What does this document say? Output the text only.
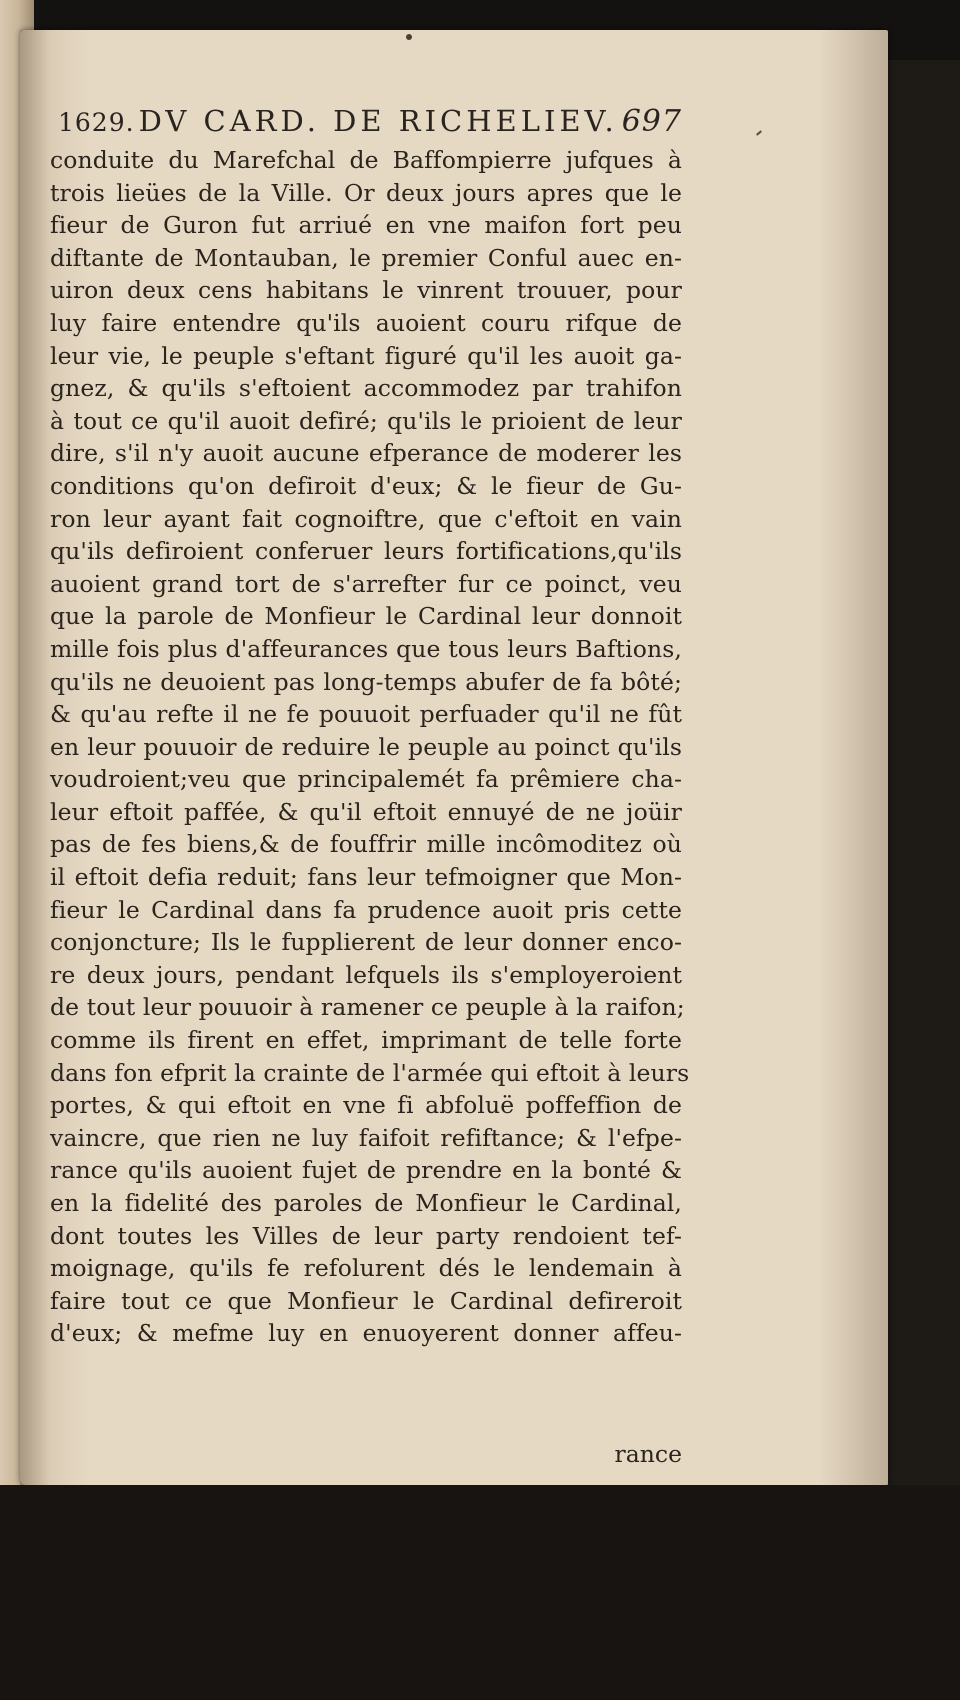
1629. DV CARD. DE RICHELIEV. 697
conduite du Marefchal de Baffompierre jufques à
trois lieües de la Ville. Or deux jours apres que le
fieur de Guron fut arriué en vne maifon fort peu
diftante de Montauban, le premier Conful auec en-
uiron deux cens habitans le vinrent trouuer, pour
luy faire entendre qu'ils auoient couru rifque de
leur vie, le peuple s'eftant figuré qu'il les auoit ga-
gnez, & qu'ils s'eftoient accommodez par trahifon
à tout ce qu'il auoit defiré; qu'ils le prioient de leur
dire, s'il n'y auoit aucune efperance de moderer les
conditions qu'on defiroit d'eux; & le fieur de Gu-
ron leur ayant fait cognoiftre, que c'eftoit en vain
qu'ils defiroient conferuer leurs fortifications,qu'ils
auoient grand tort de s'arrefter fur ce poinct, veu
que la parole de Monfieur le Cardinal leur donnoit
mille fois plus d'affeurances que tous leurs Baftions,
qu'ils ne deuoient pas long-temps abufer de fa bôté;
& qu'au refte il ne fe pouuoit perfuader qu'il ne fût
en leur pouuoir de reduire le peuple au poinct qu'ils
voudroient;veu que principalemét fa prêmiere cha-
leur eftoit paffée, & qu'il eftoit ennuyé de ne joüir
pas de fes biens,& de fouffrir mille incômoditez où
il eftoit defia reduit; fans leur tefmoigner que Mon-
fieur le Cardinal dans fa prudence auoit pris cette
conjoncture; Ils le fupplierent de leur donner enco-
re deux jours, pendant lefquels ils s'employeroient
de tout leur pouuoir à ramener ce peuple à la raifon;
comme ils firent en effet, imprimant de telle forte
dans fon efprit la crainte de l'armée qui eftoit à leurs
portes, & qui eftoit en vne fi abfoluë poffeffion de
vaincre, que rien ne luy faifoit refiftance; & l'efpe-
rance qu'ils auoient fujet de prendre en la bonté &
en la fidelité des paroles de Monfieur le Cardinal,
dont toutes les Villes de leur party rendoient tef-
moignage, qu'ils fe refolurent dés le lendemain à
faire tout ce que Monfieur le Cardinal defireroit
d'eux; & mefme luy en enuoyerent donner affeu-
rance
